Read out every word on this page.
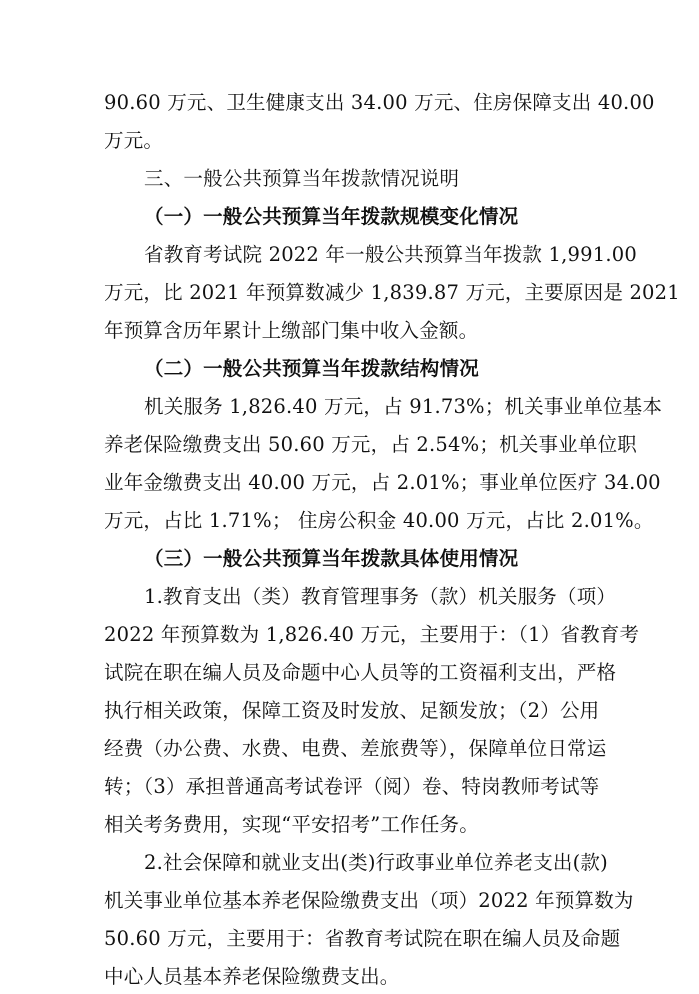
90.60 万元、卫生健康支出 34.00 万元、住房保障支出 40.00
万元。
三、一般公共预算当年拨款情况说明
（一）一般公共预算当年拨款规模变化情况
省教育考试院 2022 年一般公共预算当年拨款 1,991.00
万元，比 2021 年预算数减少 1,839.87 万元，主要原因是 2021
年预算含历年累计上缴部门集中收入金额。
（二）一般公共预算当年拨款结构情况
机关服务 1,826.40 万元，占 91.73%；机关事业单位基本
养老保险缴费支出 50.60 万元，占 2.54%；机关事业单位职
业年金缴费支出 40.00 万元，占 2.01%；事业单位医疗 34.00
万元，占比 1.71%； 住房公积金 40.00 万元，占比 2.01%。
（三）一般公共预算当年拨款具体使用情况
1.教育支出（类）教育管理事务（款）机关服务（项）
2022 年预算数为 1,826.40 万元，主要用于：（1）省教育考
试院在职在编人员及命题中心人员等的工资福利支出，严格
执行相关政策，保障工资及时发放、足额发放；（2）公用
经费（办公费、水费、电费、差旅费等），保障单位日常运
转；（3）承担普通高考试卷评（阅）卷、特岗教师考试等
相关考务费用，实现“平安招考”工作任务。
2.社会保障和就业支出(类)行政事业单位养老支出(款)
机关事业单位基本养老保险缴费支出（项）2022 年预算数为
50.60 万元，主要用于：省教育考试院在职在编人员及命题
中心人员基本养老保险缴费支出。
